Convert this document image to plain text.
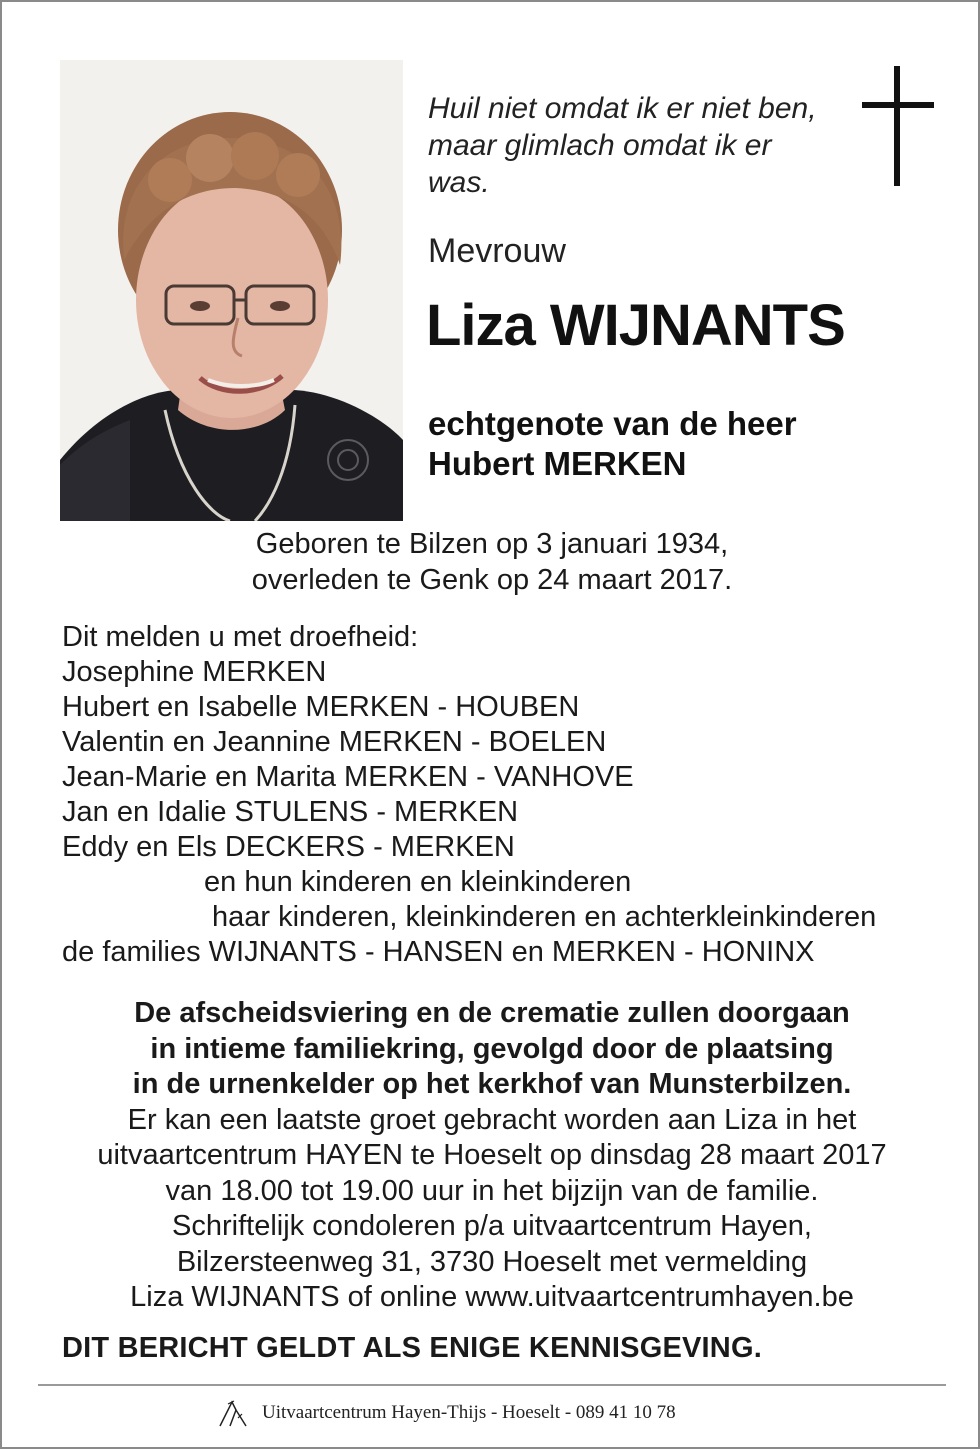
Huil niet omdat ik er niet ben,
maar glimlach omdat ik er
was.
Mevrouw
Liza WIJNANTS
echtgenote van de heer
Hubert MERKEN
Geboren te Bilzen op 3 januari 1934,
overleden te Genk op 24 maart 2017.
Dit melden u met droefheid:
Josephine MERKEN
Hubert en Isabelle MERKEN - HOUBEN
Valentin en Jeannine MERKEN - BOELEN
Jean-Marie en Marita MERKEN - VANHOVE
Jan en Idalie STULENS - MERKEN
Eddy en Els DECKERS - MERKEN
en hun kinderen en kleinkinderen
haar kinderen, kleinkinderen en achterkleinkinderen
de families WIJNANTS - HANSEN en MERKEN - HONINX
De afscheidsviering en de crematie zullen doorgaan
in intieme familiekring, gevolgd door de plaatsing
in de urnenkelder op het kerkhof van Munsterbilzen.
Er kan een laatste groet gebracht worden aan Liza in het
uitvaartcentrum HAYEN te Hoeselt op dinsdag 28 maart 2017
van 18.00 tot 19.00 uur in het bijzijn van de familie.
Schriftelijk condoleren p/a uitvaartcentrum Hayen,
Bilzersteenweg 31, 3730 Hoeselt met vermelding
Liza WIJNANTS of online www.uitvaartcentrumhayen.be
DIT BERICHT GELDT ALS ENIGE KENNISGEVING.
Uitvaartcentrum Hayen-Thijs - Hoeselt - 089 41 10 78
